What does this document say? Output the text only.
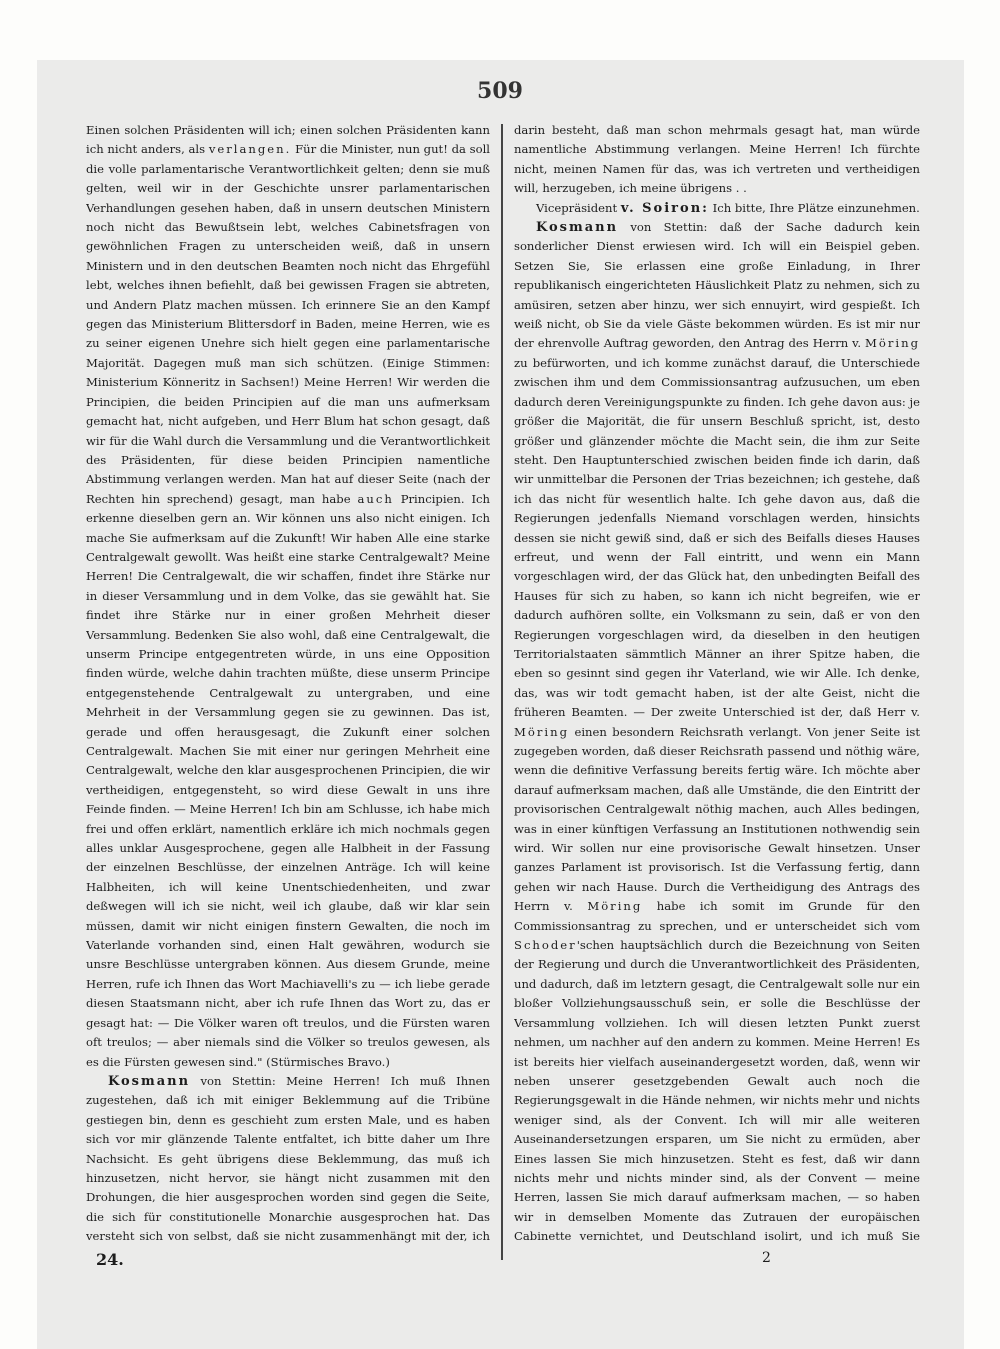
509

Einen solchen Präsidenten will ich; einen solchen Präsidenten kann ich nicht anders, als verlangen. Für die Minister, nun gut! da soll die volle parlamentarische Verantwortlichkeit gelten; denn sie muß gelten, weil wir in der Geschichte unsrer parlamentarischen Verhandlungen gesehen haben, daß in unsern deutschen Ministern noch nicht das Bewußtsein lebt, welches Cabinetsfragen von gewöhnlichen Fragen zu unterscheiden weiß, daß in unsern Ministern und in den deutschen Beamten noch nicht das Ehrgefühl lebt, welches ihnen befiehlt, daß bei gewissen Fragen sie abtreten, und Andern Platz machen müssen. Ich erinnere Sie an den Kampf gegen das Ministerium Blittersdorf in Baden, meine Herren, wie es zu seiner eigenen Unehre sich hielt gegen eine parlamentarische Majorität. Dagegen muß man sich schützen. (Einige Stimmen: Ministerium Könneritz in Sachsen!) Meine Herren! Wir werden die Principien, die beiden Principien auf die man uns aufmerksam gemacht hat, nicht aufgeben, und Herr Blum hat schon gesagt, daß wir für die Wahl durch die Versammlung und die Verantwortlichkeit des Präsidenten, für diese beiden Principien namentliche Abstimmung verlangen werden. Man hat auf dieser Seite (nach der Rechten hin sprechend) gesagt, man habe auch Principien. Ich erkenne dieselben gern an. Wir können uns also nicht einigen. Ich mache Sie aufmerksam auf die Zukunft! Wir haben Alle eine starke Centralgewalt gewollt. Was heißt eine starke Centralgewalt? Meine Herren! Die Centralgewalt, die wir schaffen, findet ihre Stärke nur in dieser Versammlung und in dem Volke, das sie gewählt hat. Sie findet ihre Stärke nur in einer großen Mehrheit dieser Versammlung. Bedenken Sie also wohl, daß eine Centralgewalt, die unserm Principe entgegentreten würde, in uns eine Opposition finden würde, welche dahin trachten müßte, diese unserm Principe entgegenstehende Centralgewalt zu untergraben, und eine Mehrheit in der Versammlung gegen sie zu gewinnen. Das ist, gerade und offen herausgesagt, die Zukunft einer solchen Centralgewalt. Machen Sie mit einer nur geringen Mehrheit eine Centralgewalt, welche den klar ausgesprochenen Principien, die wir vertheidigen, entgegensteht, so wird diese Gewalt in uns ihre Feinde finden. — Meine Herren! Ich bin am Schlusse, ich habe mich frei und offen erklärt, namentlich erkläre ich mich nochmals gegen alles unklar Ausgesprochene, gegen alle Halbheit in der Fassung der einzelnen Beschlüsse, der einzelnen Anträge. Ich will keine Halbheiten, ich will keine Unentschiedenheiten, und zwar deßwegen will ich sie nicht, weil ich glaube, daß wir klar sein müssen, damit wir nicht einigen finstern Gewalten, die noch im Vaterlande vorhanden sind, einen Halt gewähren, wodurch sie unsre Beschlüsse untergraben können. Aus diesem Grunde, meine Herren, rufe ich Ihnen das Wort Machiavelli's zu — ich liebe gerade diesen Staatsmann nicht, aber ich rufe Ihnen das Wort zu, das er gesagt hat: — Die Völker waren oft treulos, und die Fürsten waren oft treulos; — aber niemals sind die Völker so treulos gewesen, als es die Fürsten gewesen sind." (Stürmisches Bravo.)

Kosmann von Stettin: Meine Herren! Ich muß Ihnen zugestehen, daß ich mit einiger Beklemmung auf die Tribüne gestiegen bin, denn es geschieht zum ersten Male, und es haben sich vor mir glänzende Talente entfaltet, ich bitte daher um Ihre Nachsicht. Es geht übrigens diese Beklemmung, das muß ich hinzusetzen, nicht hervor, sie hängt nicht zusammen mit den Drohungen, die hier ausgesprochen worden sind gegen die Seite, die sich für constitutionelle Monarchie ausgesprochen hat. Das versteht sich von selbst, daß sie nicht zusammenhängt mit der, ich

darin besteht, daß man schon mehrmals gesagt hat, man würde namentliche Abstimmung verlangen. Meine Herren! Ich fürchte nicht, meinen Namen für das, was ich vertreten und vertheidigen will, herzugeben, ich meine übrigens . .

Vicepräsident v. Soiron: Ich bitte, Ihre Plätze einzunehmen.

Kosmann von Stettin: daß der Sache dadurch kein sonderlicher Dienst erwiesen wird. Ich will ein Beispiel geben. Setzen Sie, Sie erlassen eine große Einladung, in Ihrer republikanisch eingerichteten Häuslichkeit Platz zu nehmen, sich zu amüsiren, setzen aber hinzu, wer sich ennuyirt, wird gespießt. Ich weiß nicht, ob Sie da viele Gäste bekommen würden. Es ist mir nur der ehrenvolle Auftrag geworden, den Antrag des Herrn v. Möring zu befürworten, und ich komme zunächst darauf, die Unterschiede zwischen ihm und dem Commissionsantrag aufzusuchen, um eben dadurch deren Vereinigungspunkte zu finden. Ich gehe davon aus: je größer die Majorität, die für unsern Beschluß spricht, ist, desto größer und glänzender möchte die Macht sein, die ihm zur Seite steht. Den Hauptunterschied zwischen beiden finde ich darin, daß wir unmittelbar die Personen der Trias bezeichnen; ich gestehe, daß ich das nicht für wesentlich halte. Ich gehe davon aus, daß die Regierungen jedenfalls Niemand vorschlagen werden, hinsichts dessen sie nicht gewiß sind, daß er sich des Beifalls dieses Hauses erfreut, und wenn der Fall eintritt, und wenn ein Mann vorgeschlagen wird, der das Glück hat, den unbedingten Beifall des Hauses für sich zu haben, so kann ich nicht begreifen, wie er dadurch aufhören sollte, ein Volksmann zu sein, daß er von den Regierungen vorgeschlagen wird, da dieselben in den heutigen Territorialstaaten sämmtlich Männer an ihrer Spitze haben, die eben so gesinnt sind gegen ihr Vaterland, wie wir Alle. Ich denke, das, was wir todt gemacht haben, ist der alte Geist, nicht die früheren Beamten. — Der zweite Unterschied ist der, daß Herr v. Möring einen besondern Reichsrath verlangt. Von jener Seite ist zugegeben worden, daß dieser Reichsrath passend und nöthig wäre, wenn die definitive Verfassung bereits fertig wäre. Ich möchte aber darauf aufmerksam machen, daß alle Umstände, die den Eintritt der provisorischen Centralgewalt nöthig machen, auch Alles bedingen, was in einer künftigen Verfassung an Institutionen nothwendig sein wird. Wir sollen nur eine provisorische Gewalt hinsetzen. Unser ganzes Parlament ist provisorisch. Ist die Verfassung fertig, dann gehen wir nach Hause. Durch die Vertheidigung des Antrags des Herrn v. Möring habe ich somit im Grunde für den Commissionsantrag zu sprechen, und er unterscheidet sich vom Schoder'schen hauptsächlich durch die Bezeichnung von Seiten der Regierung und durch die Unverantwortlichkeit des Präsidenten, und dadurch, daß im letztern gesagt, die Centralgewalt solle nur ein bloßer Vollziehungsausschuß sein, er solle die Beschlüsse der Versammlung vollziehen. Ich will diesen letzten Punkt zuerst nehmen, um nachher auf den andern zu kommen. Meine Herren! Es ist bereits hier vielfach auseinandergesetzt worden, daß, wenn wir neben unserer gesetzgebenden Gewalt auch noch die Regierungsgewalt in die Hände nehmen, wir nichts mehr und nichts weniger sind, als der Convent. Ich will mir alle weiteren Auseinandersetzungen ersparen, um Sie nicht zu ermüden, aber Eines lassen Sie mich hinzusetzen. Steht es fest, daß wir dann nichts mehr und nichts minder sind, als der Convent — meine Herren, lassen Sie mich darauf aufmerksam machen, — so haben wir in demselben Momente das Zutrauen der europäischen Cabinette vernichtet, und Deutschland isolirt, und ich muß Sie

24.	2
